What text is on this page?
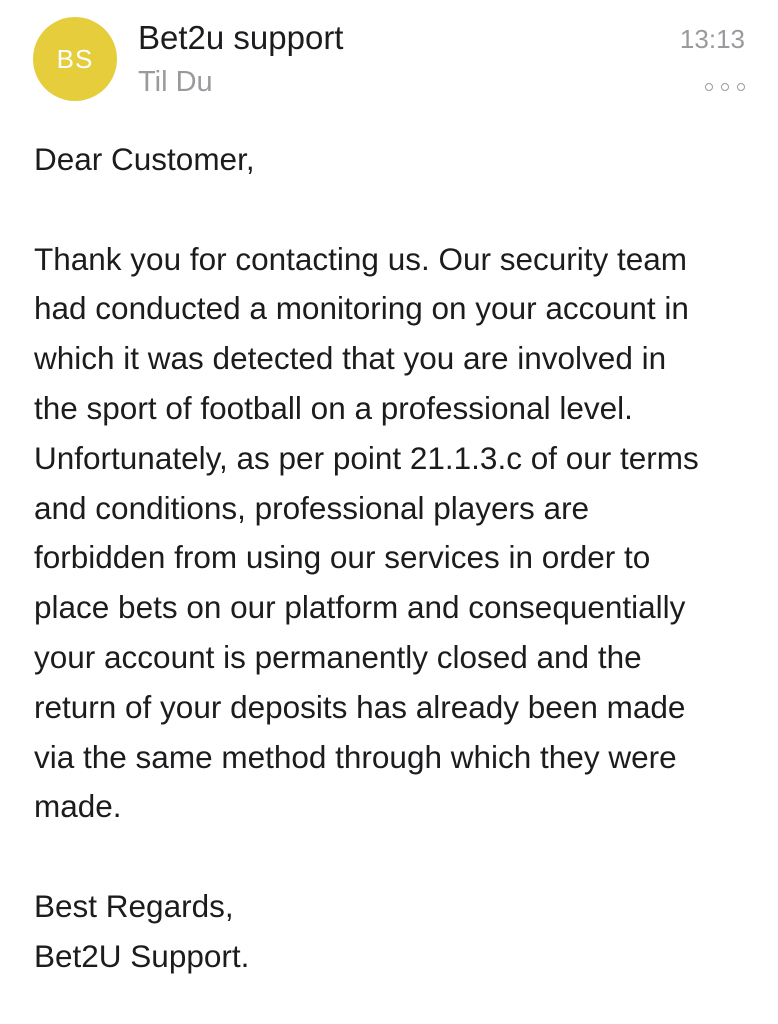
BS
Bet2u support
Til Du
13:13

Dear Customer,

Thank you for contacting us. Our security team
had conducted a monitoring on your account in
which it was detected that you are involved in
the sport of football on a professional level.
Unfortunately, as per point 21.1.3.c of our terms
and conditions, professional players are
forbidden from using our services in order to
place bets on our platform and consequentially
your account is permanently closed and the
return of your deposits has already been made
via the same method through which they were
made.

Best Regards,

Bet2U Support.
